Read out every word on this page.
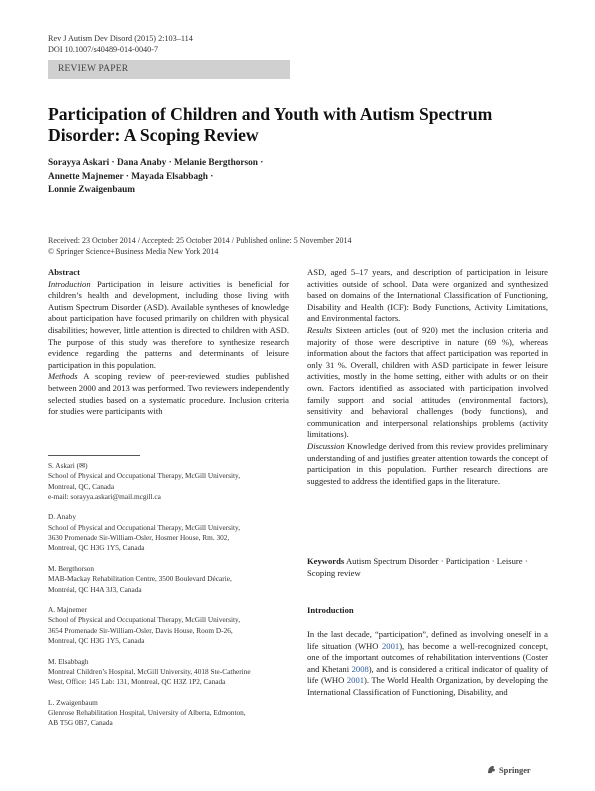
Rev J Autism Dev Disord (2015) 2:103–114
DOI 10.1007/s40489-014-0040-7
REVIEW PAPER
Participation of Children and Youth with Autism Spectrum
Disorder: A Scoping Review
Sorayya Askari · Dana Anaby · Melanie Bergthorson ·
Annette Majnemer · Mayada Elsabbagh ·
Lonnie Zwaigenbaum
Received: 23 October 2014 / Accepted: 25 October 2014 / Published online: 5 November 2014
© Springer Science+Business Media New York 2014

Abstract

Introduction Participation in leisure activities is beneficial for children’s health and development, including those living with Autism Spectrum Disorder (ASD). Available syntheses of knowledge about participation have focused primarily on children with physical disabilities; however, little attention is directed to children with ASD. The purpose of this study was therefore to synthesize research evidence regarding the patterns and determinants of leisure participation in this population.

Methods A scoping review of peer-reviewed studies published between 2000 and 2013 was performed. Two reviewers independently selected studies based on a systematic procedure. Inclusion criteria for studies were participants with

S. Askari (✉)
School of Physical and Occupational Therapy, McGill University,
Montreal, QC, Canada
e-mail: sorayya.askari@mail.mcgill.ca
D. Anaby
School of Physical and Occupational Therapy, McGill University,
3630 Promenade Sir-William-Osler, Hosmer House, Rm. 302,
Montreal, QC H3G 1Y5, Canada
M. Bergthorson
MAB-Mackay Rehabilitation Centre, 3500 Boulevard Décarie,
Montréal, QC H4A 3J3, Canada
A. Majnemer
School of Physical and Occupational Therapy, McGill University,
3654 Promenade Sir-William-Osler, Davis House, Room D-26,
Montreal, QC H3G 1Y5, Canada
M. Elsabbagh
Montreal Children’s Hospital, McGill University, 4018 Ste-Catherine
West, Office: 145 Lab: 131, Montreal, QC H3Z 1P2, Canada
L. Zwaigenbaum
Glenrose Rehabilitation Hospital, University of Alberta, Edmonton,
AB T5G 0B7, Canada

ASD, aged 5–17 years, and description of participation in leisure activities outside of school. Data were organized and synthesized based on domains of the International Classification of Functioning, Disability and Health (ICF): Body Functions, Activity Limitations, and Environmental factors.

Results Sixteen articles (out of 920) met the inclusion criteria and majority of those were descriptive in nature (69 %), whereas information about the factors that affect participation was reported in only 31 %. Overall, children with ASD participate in fewer leisure activities, mostly in the home setting, either with adults or on their own. Factors identified as associated with participation involved family support and social attitudes (environmental factors), sensitivity and behavioral challenges (body functions), and communication and interpersonal relationships problems (activity limitations).

Discussion Knowledge derived from this review provides preliminary understanding of and justifies greater attention towards the concept of participation in this population. Further research directions are suggested to address the identified gaps in the literature.

Keywords Autism Spectrum Disorder · Participation · Leisure · Scoping review
Introduction

In the last decade, “participation”, defined as involving oneself in a life situation (WHO 2001), has become a well-recognized concept, one of the important outcomes of rehabilitation interventions (Coster and Khetani 2008), and is considered a critical indicator of quality of life (WHO 2001). The World Health Organization, by developing the International Classification of Functioning, Disability, and

Springer
